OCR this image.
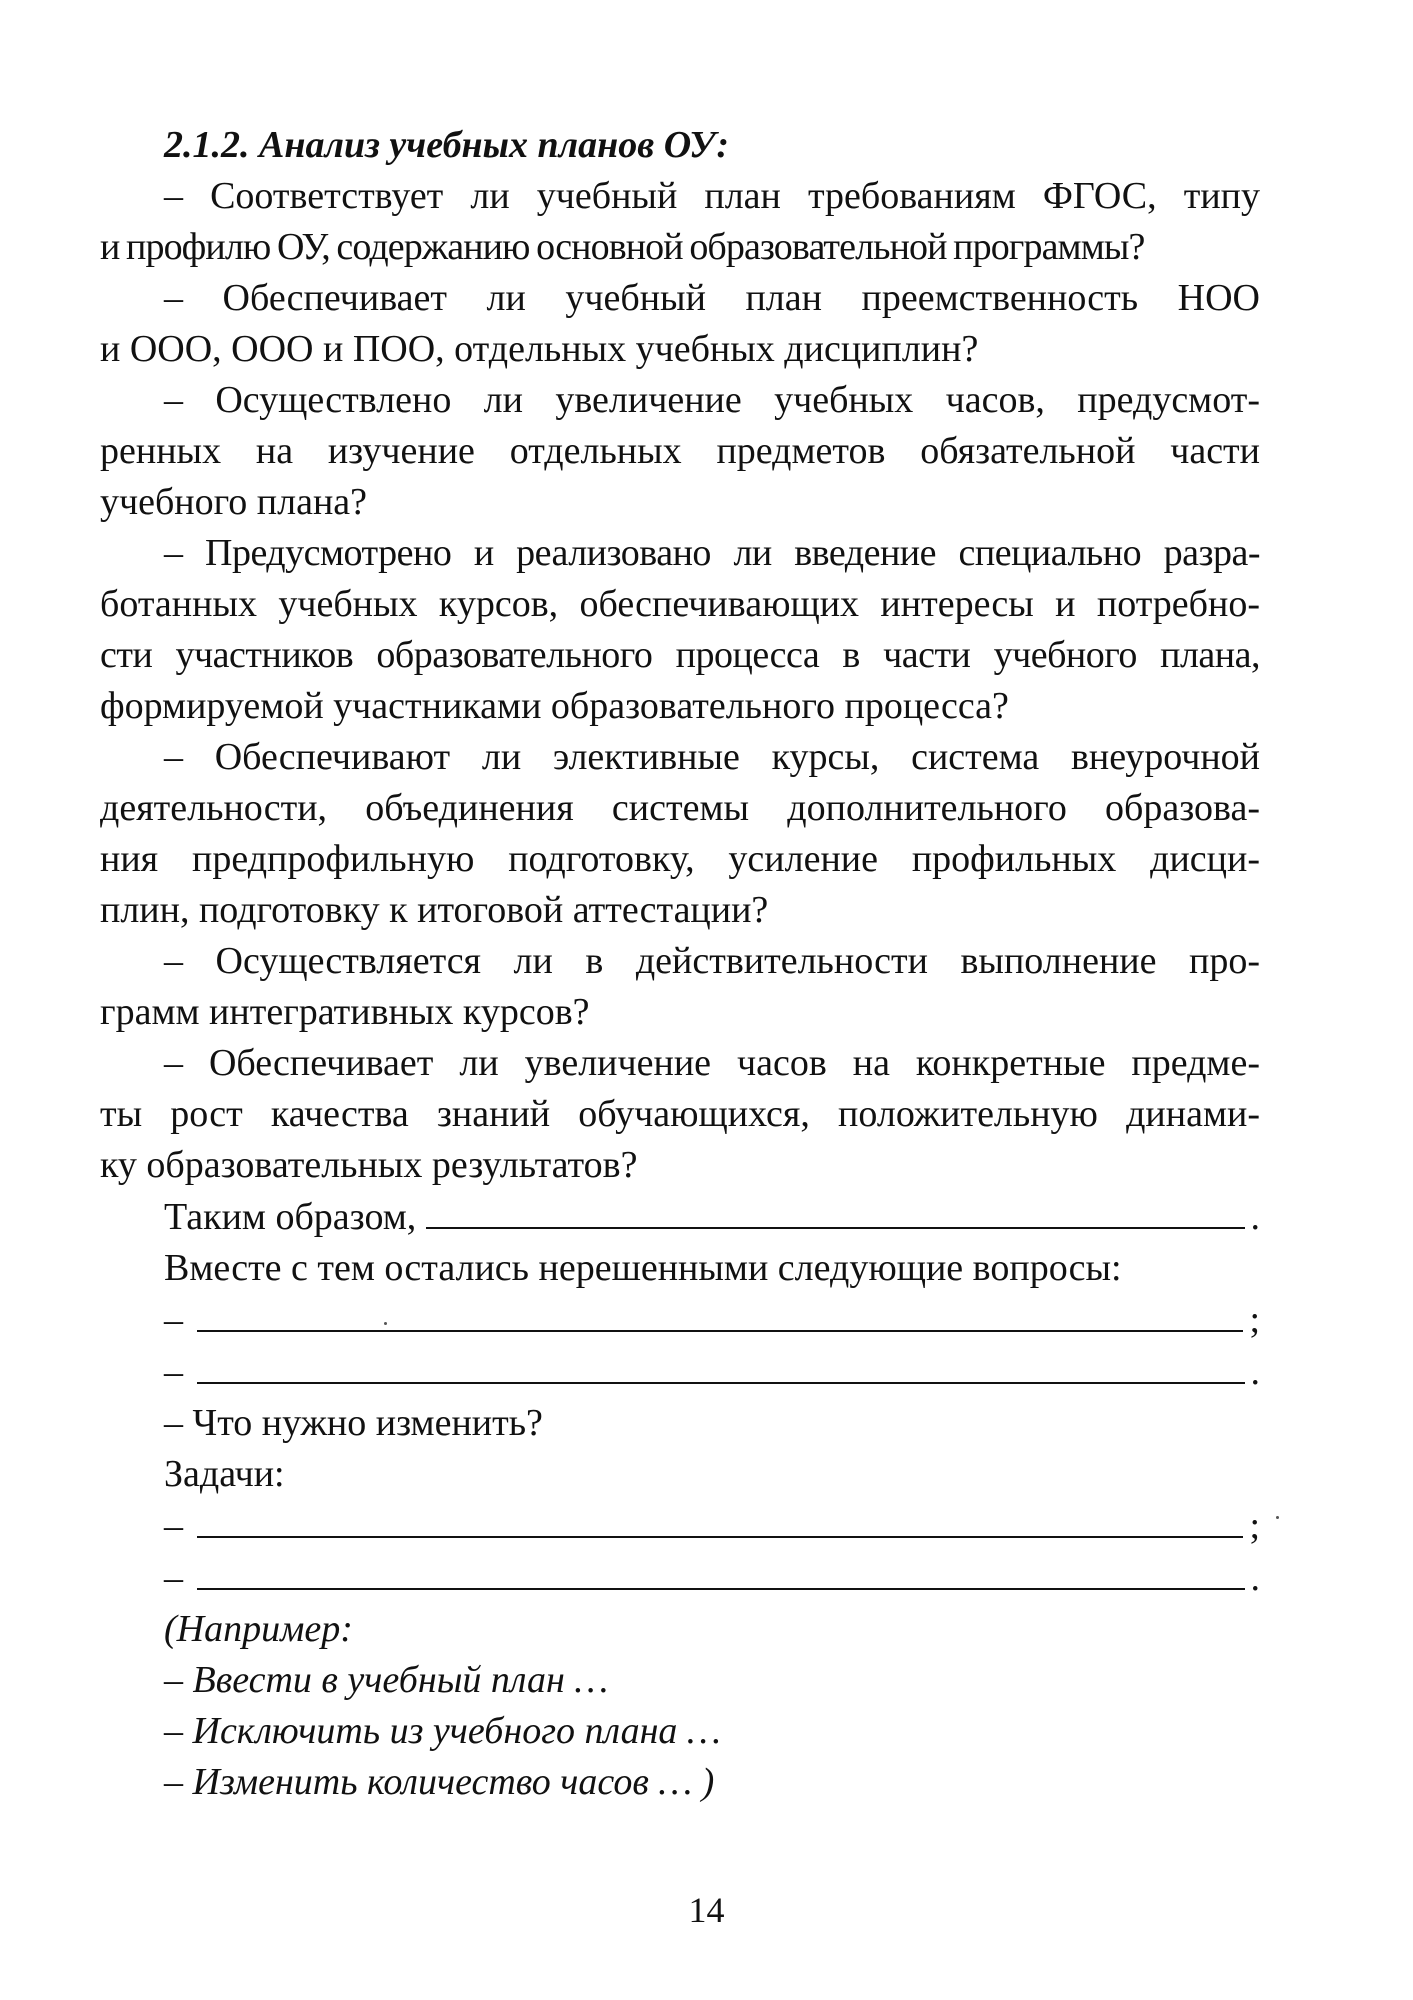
2.1.2. Анализ учебных планов ОУ:
– Соответствует ли учебный план требованиям ФГОС, типу
и профилю ОУ, содержанию основной образовательной программы?
– Обеспечивает ли учебный план преемственность НОО
и ООО, ООО и ПОО, отдельных учебных дисциплин?
– Осуществлено ли увеличение учебных часов, предусмот-
ренных на изучение отдельных предметов обязательной части
учебного плана?
– Предусмотрено и реализовано ли введение специально разра-
ботанных учебных курсов, обеспечивающих интересы и потребно-
сти участников образовательного процесса в части учебного плана,
формируемой участниками образовательного процесса?
– Обеспечивают ли элективные курсы, система внеурочной
деятельности, объединения системы дополнительного образова-
ния предпрофильную подготовку, усиление профильных дисци-
плин, подготовку к итоговой аттестации?
– Осуществляется ли в действительности выполнение про-
грамм интегративных курсов?
– Обеспечивает ли увеличение часов на конкретные предме-
ты рост качества знаний обучающихся, положительную динами-
ку образовательных результатов?
Таким образом,	.
Вместе с тем остались нерешенными следующие вопросы:
–	;
–	.
– Что нужно изменить?
Задачи:
–	;
–	.
(Например:
– Ввести в учебный план …
– Исключить из учебного плана …
– Изменить количество часов … )
14
